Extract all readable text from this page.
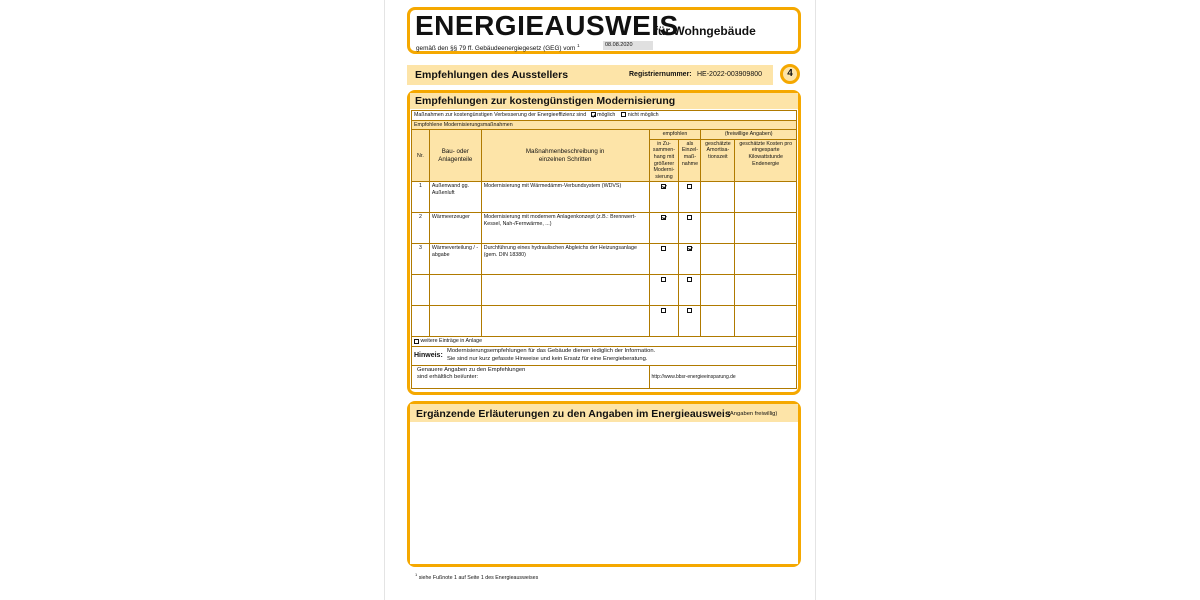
ENERGIEAUSWEIS
für Wohngebäude
gemäß den §§ 79 ff. Gebäudeenergiegesetz (GEG) vom $^1$	08.08.2020
Empfehlungen des Ausstellers	Registriernummer: HE-2022-003909800	4
Empfehlungen zur kostengünstigen Modernisierung
Maßnahmen zur kostengünstigen Verbesserung der Energieeffizienz sind möglich nicht möglich						
Empfohlene Modernisierungsmaßnahmen						
Nr.	Bau- oder Anlagenteile	Maßnahmenbeschreibung in einzelnen Schritten	empfohlen		(freiwillige Angaben)	
			in Zu-sammen-hang mit größerer Moderni-sierung	als Einzel-maß-nahme	geschätzte Amortisa-tionszeit	geschätzte Kosten pro eingesparte Kilowattstunde Endenergie
1	Außenwand gg. Außenluft	Modernisierung mit Wärmedämm-Verbundsystem (WDVS)				
2	Wärmeerzeuger	Modernisierung mit modernem Anlagenkonzept (z.B.: Brennwert-Kessel, Nah-/Fernwärme, ...)				
3	Wärmeverteilung / -abgabe	Durchführung eines hydraulischen Abgleichs der Heizungsanlage (gem. DIN 18380)				

weitere Einträge in Anlage						

Hinweis:
Modernisierungsempfehlungen für das Gebäude dienen lediglich der Information.
Sie sind nur kurz gefasste Hinweise und kein Ersatz für eine Energieberatung.						

Genauere Angaben zu den Empfehlungen
sind erhältlich bei/unter:			http://www.bbsr-energieeinsparung.de			
Ergänzende Erläuterungen zu den Angaben im Energieausweis
(Angaben freiwillig)
$^1$ siehe Fußnote 1 auf Seite 1 des Energieausweises
